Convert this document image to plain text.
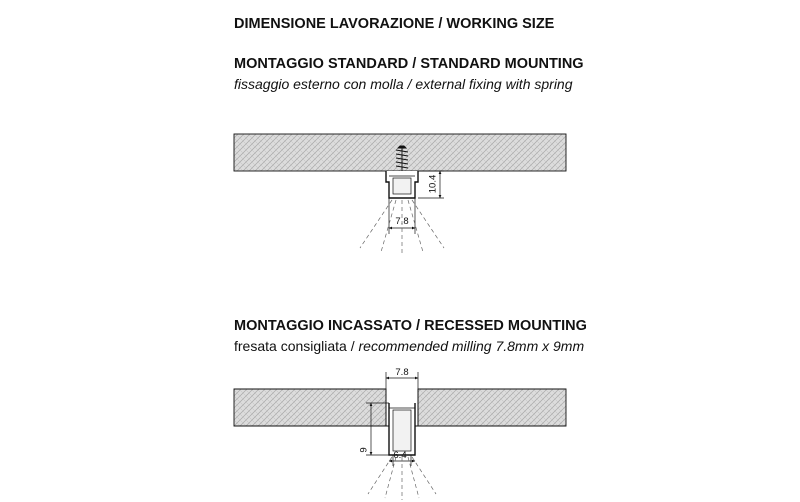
DIMENSIONE LAVORAZIONE / WORKING SIZE
MONTAGGIO STANDARD / STANDARD MOUNTING
fissaggio esterno con molla / external fixing with spring
MONTAGGIO INCASSATO / RECESSED MOUNTING
fresata consigliata / recommended milling 7.8mm x 9mm
10.4
7.8
7.8
9	6.4
